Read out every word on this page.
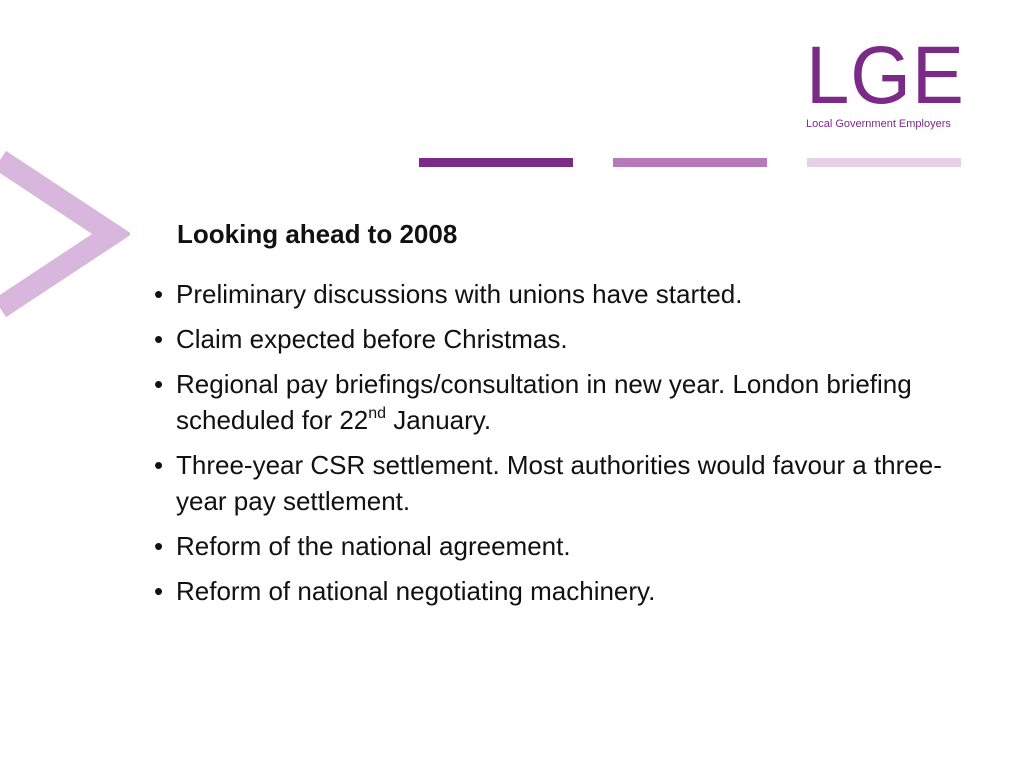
LGE
Local Government Employers
Looking ahead to 2008
• Preliminary discussions with unions have started.
• Claim expected before Christmas.
• Regional pay briefings/consultation in new year. London briefing scheduled for 22nd January.
• Three-year CSR settlement. Most authorities would favour a three-year pay settlement.
• Reform of the national agreement.
• Reform of national negotiating machinery.
